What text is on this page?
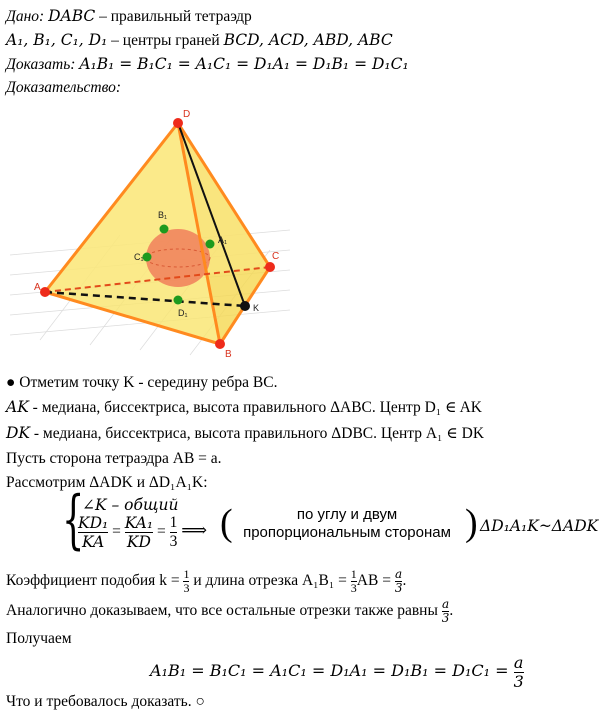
Дано: DABC – правильный тетраэдр
A₁, B₁, C₁, D₁ – центры граней BCD, ACD, ABD, ABC
Доказать: A₁B₁ = B₁C₁ = A₁C₁ = D₁A₁ = D₁B₁ = D₁C₁
Доказательство:
D
A
B
C
K
A₁
B₁
C₁
D₁
● Отметим точку K - середину ребра BC.
AK - медиана, биссектриса, высота правильного ΔABC. Центр D₁ ∈ AK
DK - медиана, биссектриса, высота правильного ΔDBC. Центр A₁ ∈ DK
Пусть сторона тетраэдра AB = a.
Рассмотрим ΔADK и ΔD₁A₁K:
{
∠K – общий
$\frac{\text{KD₁}}{KA} = \frac{\text{KA₁}}{KD} = \frac{1}{3}$ ⟹ (	по углу и двум
пропорциональным сторонам ) ΔD₁A₁K~ΔADK
Коэффициент подобия $k = \frac{1}{3}$ и длина отрезка $A_1B_1 = \frac{1}{3}$ AB = $\frac{a}{3}$ .
Аналогично доказываем, что все остальные отрезки также равны $\frac{a}{3}$ .
Получаем
$A_1B_1 = B_1C_1 = A_1C_1 = D_1A_1 = D_1B_1 = D_1C_1 = \frac{a}{3}$
Что и требовалось доказать. ○
